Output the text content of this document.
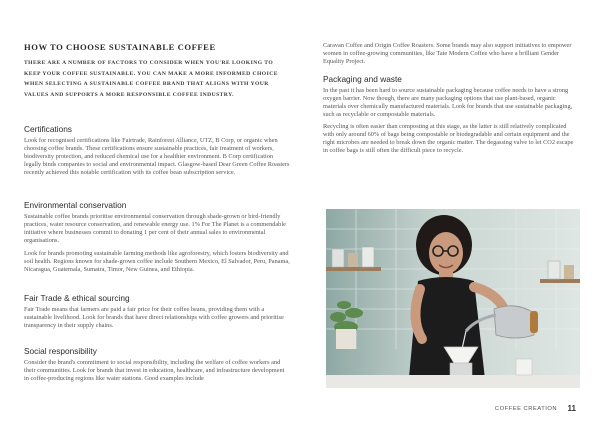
HOW TO CHOOSE SUSTAINABLE COFFEE

THERE ARE A NUMBER OF FACTORS TO CONSIDER WHEN YOU'RE LOOKING TO KEEP YOUR COFFEE SUSTAINABLE. YOU CAN MAKE A MORE INFORMED CHOICE WHEN SELECTING A SUSTAINABLE COFFEE BRAND THAT ALIGNS WITH YOUR VALUES AND SUPPORTS A MORE RESPONSIBLE COFFEE INDUSTRY.

Certifications

Look for recognised certifications like Fairtrade, Rainforest Alliance, UTZ, B Corp, or organic when choosing coffee brands. These certifications ensure sustainable practices, fair treatment of workers, biodiversity protection, and reduced chemical use for a healthier environment. B Corp certification legally binds companies to social and environmental impact. Glasgow-based Dear Green Coffee Roasters recently achieved this notable certification with its coffee bean subscription service.

Environmental conservation

Sustainable coffee brands prioritise environmental conservation through shade-grown or bird-friendly practices, water resource conservation, and renewable energy use. 1% For The Planet is a commendable initiative where businesses commit to donating 1 per cent of their annual sales to environmental organisations.

Look for brands promoting sustainable farming methods like agroforestry, which fosters biodiversity and soil health. Regions known for shade-grown coffee include Southern Mexico, El Salvador, Peru, Panama, Nicaragua, Guatemala, Sumatra, Timor, New Guinea, and Ethiopia.

Fair Trade & ethical sourcing

Fair Trade means that farmers are paid a fair price for their coffee beans, providing them with a sustainable livelihood. Look for brands that have direct relationships with coffee growers and prioritise transparency in their supply chains.

Social responsibility

Consider the brand's commitment to social responsibility, including the welfare of coffee workers and their communities. Look for brands that invest in education, healthcare, and infrastructure development in coffee-producing regions like water stations. Good examples include

Caravan Coffee and Origin Coffee Roasters. Some brands may also support initiatives to empower women in coffee-growing communities, like Tate Modern Coffee who have a brilliant Gender Equality Project.

Packaging and waste

In the past it has been hard to source sustainable packaging because coffee needs to have a strong oxygen barrier. Now though, there are many packaging options that use plant-based, organic materials over chemically manufactured materials. Look for brands that use sustainable packaging, such as recyclable or compostable materials.

Recycling is often easier than composting at this stage, as the latter is still relatively complicated with only around 60% of bags being compostable or biodegradable and certain equipment and the right microbes are needed to break down the organic matter. The degassing valve to let CO2 escape in coffee bags is still often the difficult piece to recycle.

COFFEE CREATION 11
